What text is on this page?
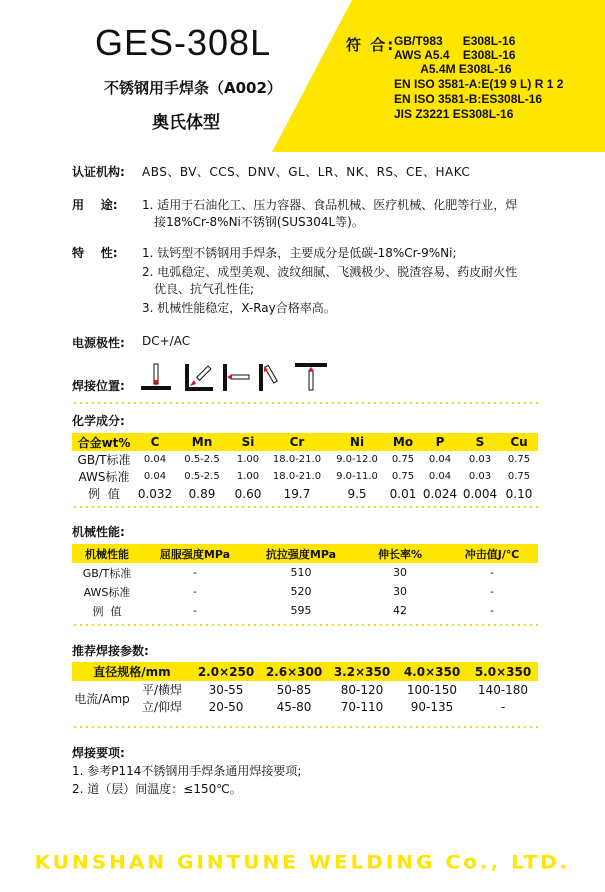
GES-308L
不锈钢用手焊条（A002）
奥氏体型
符 合:
GB/T983      E308L-16
AWS A5.4    E308L-16
A5.4M E308L-16
EN ISO 3581-A:E(19 9 L) R 1 2
EN ISO 3581-B:ES308L-16
JIS Z3221 ES308L-16
认证机构: ABS、BV、CCS、DNV、GL、LR、NK、RS、CE、HAKC
用    途: 1. 适用于石油化工、压力容器、食品机械、医疗机械、化肥等行业，焊
接18%Cr-8%Ni不锈钢(SUS304L等)。
特    性: 1. 钛钙型不锈钢用手焊条，主要成分是低碳-18%Cr-9%Ni;
2. 电弧稳定、成型美观、波纹细腻、飞溅极少、脱渣容易、药皮耐火性
优良、抗气孔性佳;
3. 机械性能稳定，X-Ray合格率高。
电源极性: DC+/AC
焊接位置:
化学成分:
合金wt%	C	Mn	Si	Cr	Ni	Mo	P	S	Cu
GB/T标准	0.04	0.5-2.5	1.00	18.0-21.0	9.0-12.0	0.75	0.04	0.03	0.75
AWS标准	0.04	0.5-2.5	1.00	18.0-21.0	9.0-11.0	0.75	0.04	0.03	0.75
例  值	0.032	0.89	0.60	19.7	9.5	0.01	0.024	0.004	0.10
机械性能:
机械性能	屈服强度MPa	抗拉强度MPa	伸长率%	冲击值J/℃
GB/T标准	-	510	30	-
AWS标准	-	520	30	-
例  值	-	595	42	-
推荐焊接参数:
直径规格/mm		2.0×250	2.6×300	3.2×350	4.0×350	5.0×350
电流/Amp	平/横焊	30-55	50-85	80-120	100-150	140-180
	立/仰焊	20-50	45-80	70-110	90-135	-
焊接要项:
1. 参考P114不锈钢用手焊条通用焊接要项;
2. 道（层）间温度：≤150℃。
KUNSHAN GINTUNE WELDING Co., LTD.
